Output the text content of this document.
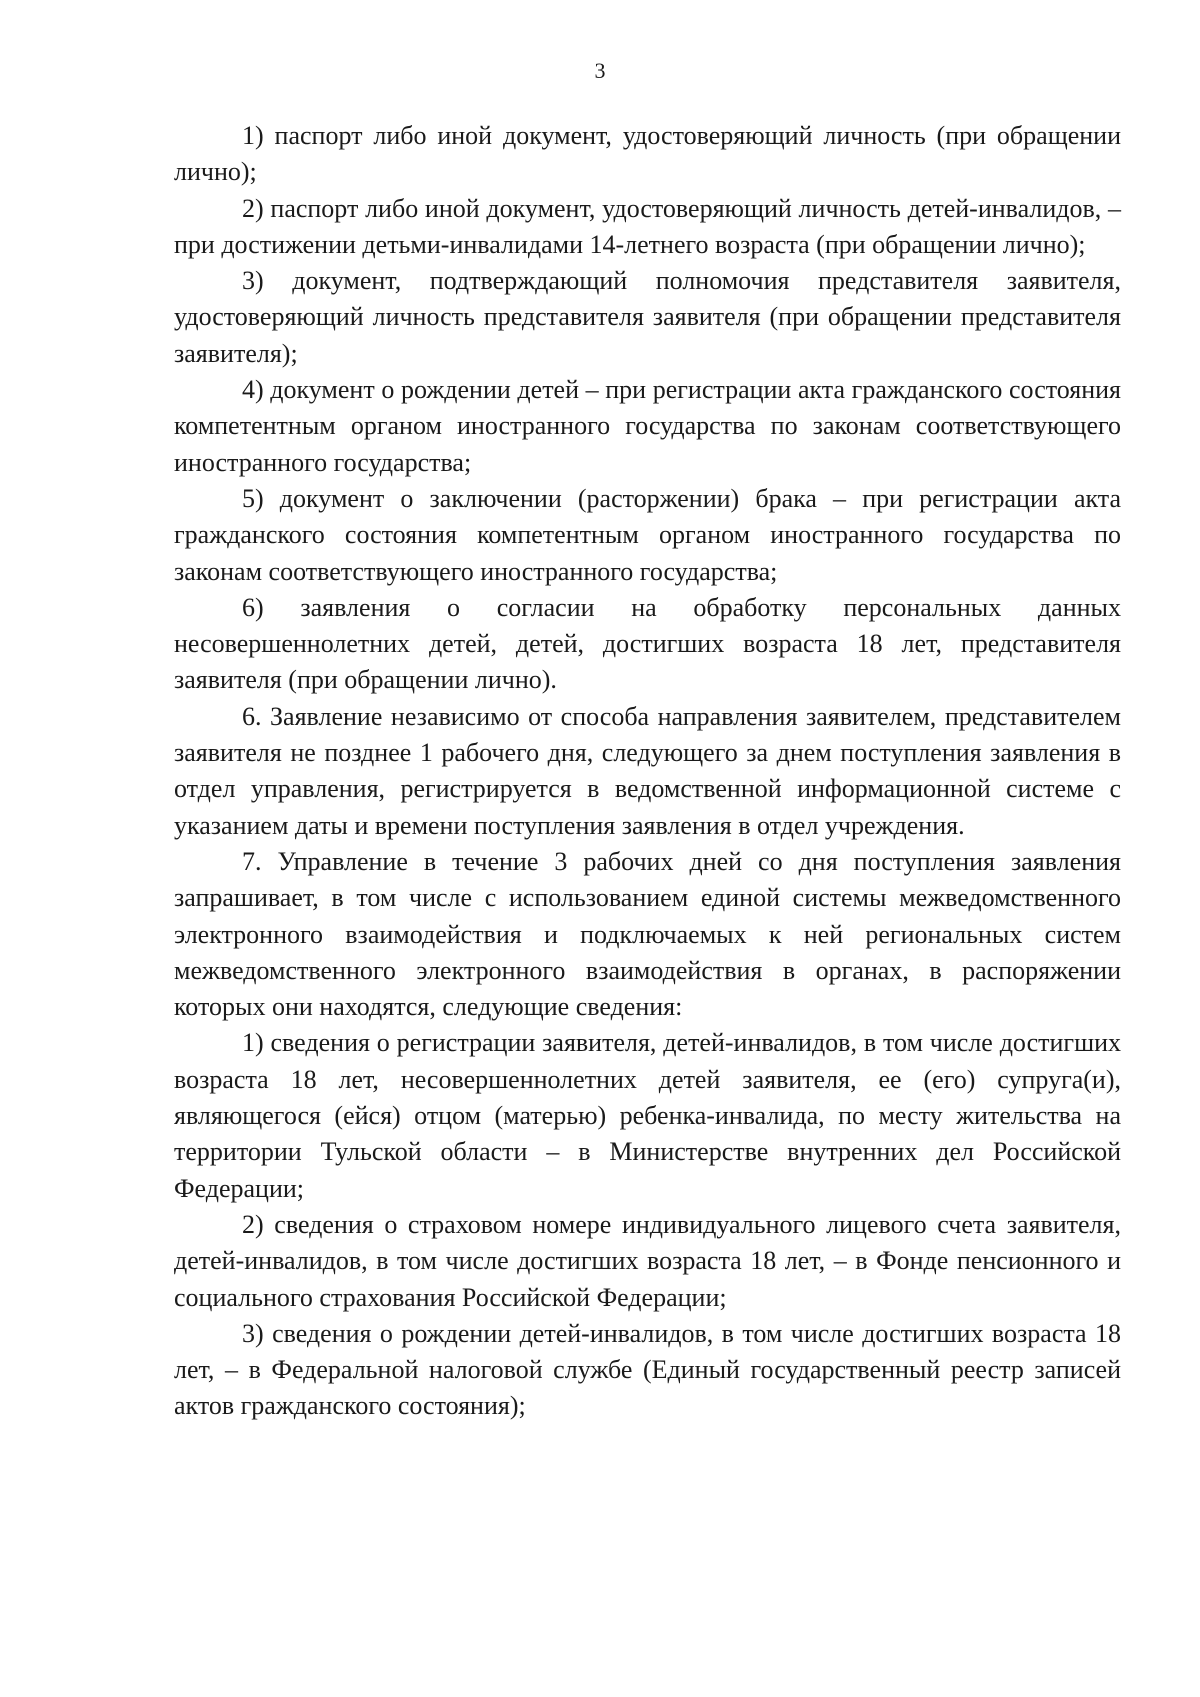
3

1) паспорт либо иной документ, удостоверяющий личность (при обращении лично);

2) паспорт либо иной документ, удостоверяющий личность детей-инвалидов, – при достижении детьми-инвалидами 14-летнего возраста (при обращении лично);

3) документ, подтверждающий полномочия представителя заявителя, удостоверяющий личность представителя заявителя (при обращении представителя заявителя);

4) документ о рождении детей – при регистрации акта гражданского состояния компетентным органом иностранного государства по законам соответствующего иностранного государства;

5) документ о заключении (расторжении) брака – при регистрации акта гражданского состояния компетентным органом иностранного государства по законам соответствующего иностранного государства;

6) заявления о согласии на обработку персональных данных несовершеннолетних детей, детей, достигших возраста 18 лет, представителя заявителя (при обращении лично).

6. Заявление независимо от способа направления заявителем, представителем заявителя не позднее 1 рабочего дня, следующего за днем поступления заявления в отдел управления, регистрируется в ведомственной информационной системе с указанием даты и времени поступления заявления в отдел учреждения.

7. Управление в течение 3 рабочих дней со дня поступления заявления запрашивает, в том числе с использованием единой системы межведомственного электронного взаимодействия и подключаемых к ней региональных систем межведомственного электронного взаимодействия в органах, в распоряжении которых они находятся, следующие сведения:

1) сведения о регистрации заявителя, детей-инвалидов, в том числе достигших возраста 18 лет, несовершеннолетних детей заявителя, ее (его) супруга(и), являющегося (ейся) отцом (матерью) ребенка-инвалида, по месту жительства на территории Тульской области – в Министерстве внутренних дел Российской Федерации;

2) сведения о страховом номере индивидуального лицевого счета заявителя, детей-инвалидов, в том числе достигших возраста 18 лет, – в Фонде пенсионного и социального страхования Российской Федерации;

3) сведения о рождении детей-инвалидов, в том числе достигших возраста 18 лет, – в Федеральной налоговой службе (Единый государственный реестр записей актов гражданского состояния);
